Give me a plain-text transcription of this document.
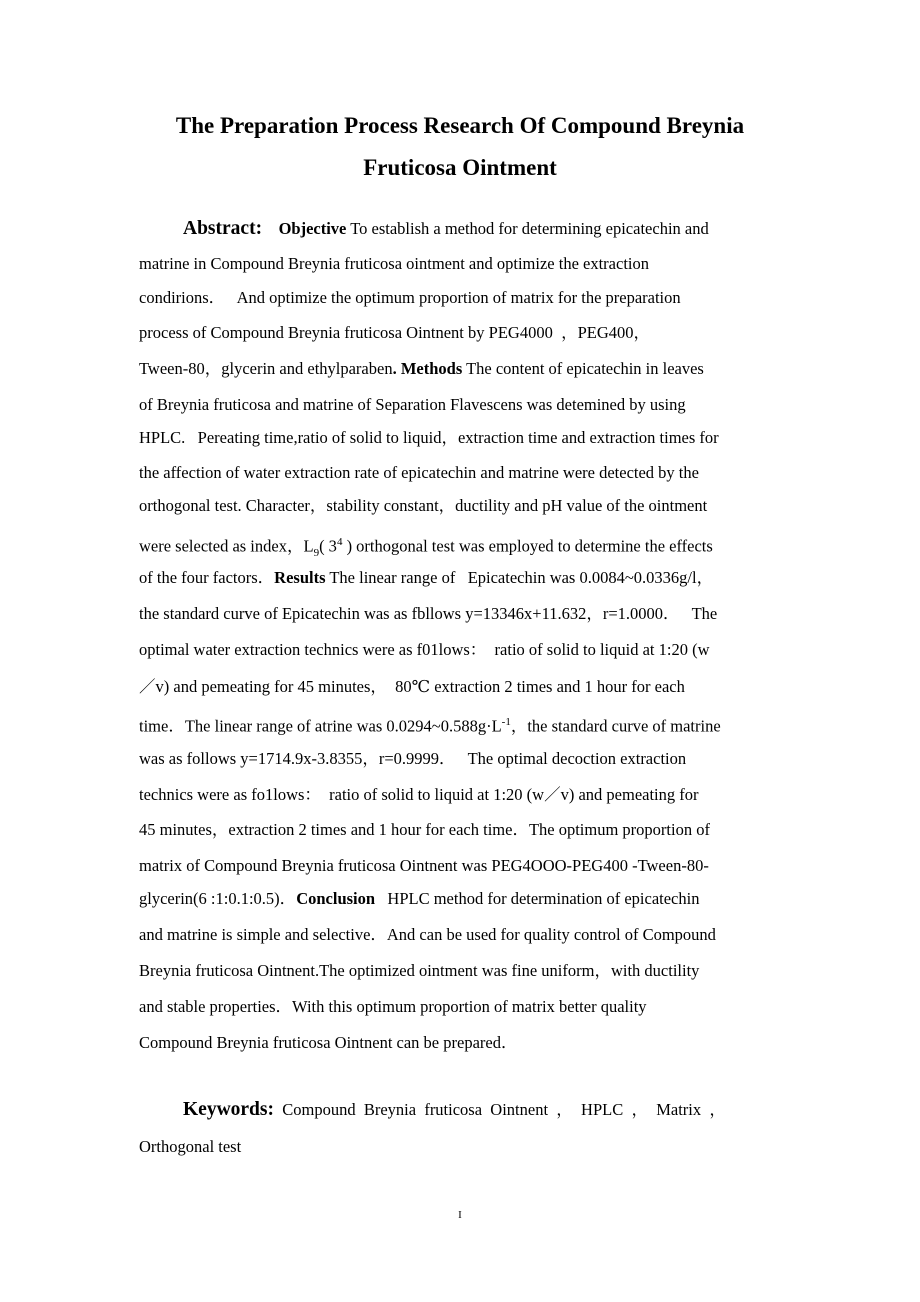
The Preparation Process Research Of Compound Breynia
Fruticosa Ointment
Abstract: Objective To establish a method for determining epicatechin and
matrine in Compound Breynia fruticosa ointment and optimize the extraction
condirions．   And optimize the optimum proportion of matrix for the preparation
process of Compound Breynia fruticosa Ointnent by PEG4000  ，PEG400，
Tween-80，glycerin and ethylparaben. Methods The content of epicatechin in leaves
of Breynia fruticosa and matrine of Separation Flavescens was detemined by using
HPLC.   Pereating time,ratio of solid to liquid，extraction time and extraction times for
the affection of water extraction rate of epicatechin and matrine were detected by the
orthogonal test. Character，stability constant，ductility and pH value of the ointment
were selected as index，$L_9$( $3^4$ ) orthogonal test was employed to determine the effects
of the four factors．Results The linear range of   Epicatechin was 0.0084~0.0336g/l，
the standard curve of Epicatechin was as fbllows y=13346x+11.632，r=1.0000．   The
optimal water extraction technics were as f01lows：  ratio of solid to liquid at 1:20 (w
／v) and pemeating for 45 minutes，  80℃ extraction 2 times and 1 hour for each
time．The linear range of atrine was $0.0294\sim 0.588g\cdot L^{-1}$，the standard curve of matrine
was as follows y=1714.9x-3.8355，r=0.9999．   The optimal decoction extraction
technics were as fo1lows：  ratio of solid to liquid at 1:20 (w／v) and pemeating for
45 minutes，extraction 2 times and 1 hour for each time．The optimum proportion of
matrix of Compound Breynia fruticosa Ointnent was PEG4OOO-PEG400 -Tween-80-
glycerin(6 :1:0.1:0.5)．Conclusion   HPLC method for determination of epicatechin
and matrine is simple and selective．And can be used for quality control of Compound
Breynia fruticosa Ointnent.The optimized ointment was fine uniform，with ductility
and stable properties．With this optimum proportion of matrix better quality
Compound Breynia fruticosa Ointnent can be prepared．
Keywords: Compound  Breynia  fruticosa  Ointnent  ，  HPLC  ，  Matrix  ，
Orthogonal test
I
